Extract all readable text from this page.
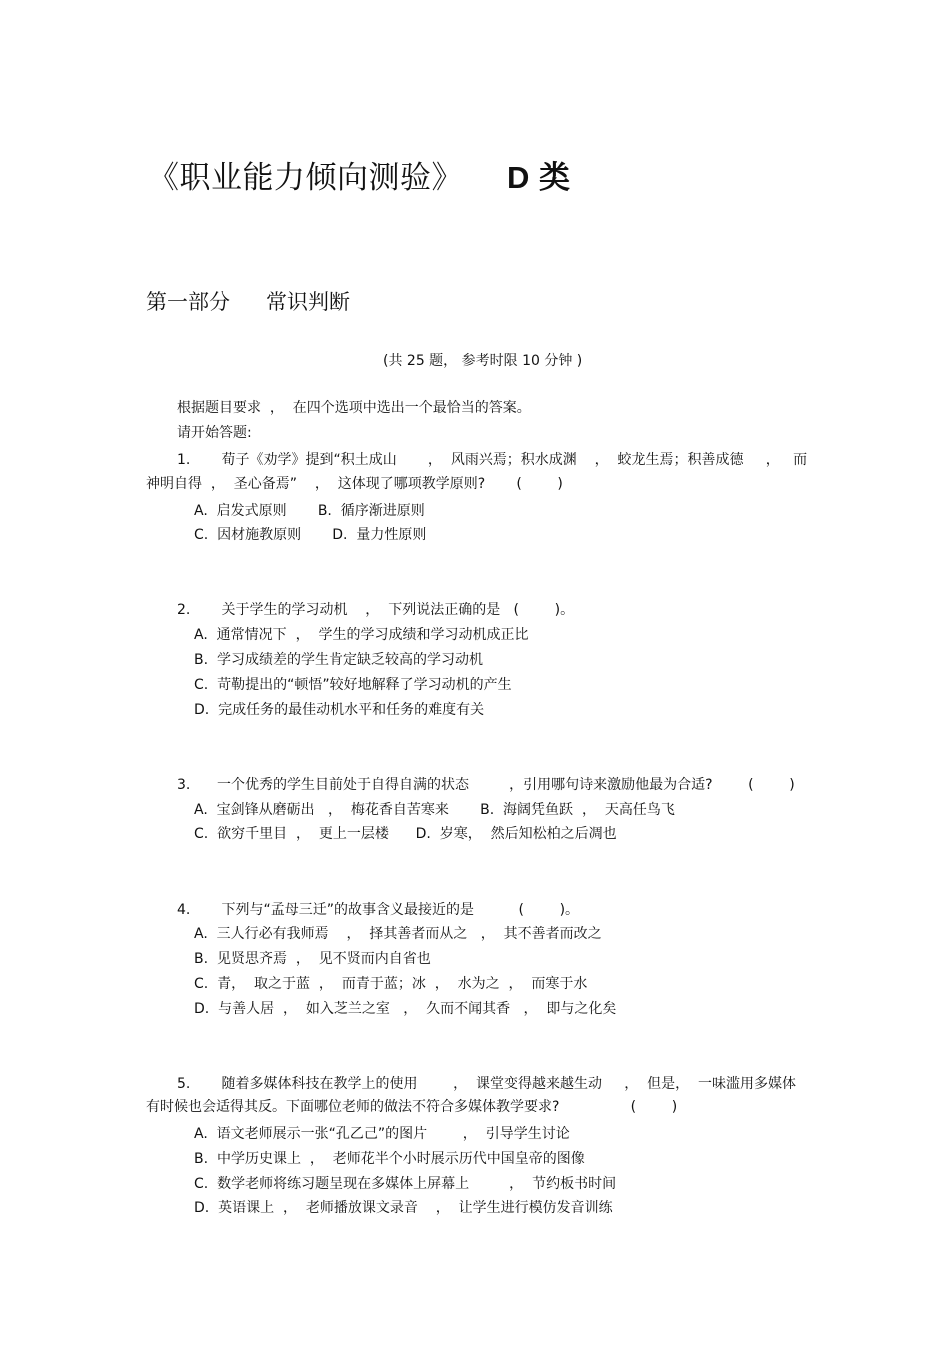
《职业能力倾向测验》 D 类
第一部分 常识判断
(共 25 题， 参考时限 10 分钟 )
根据题目要求  ，  在四个选项中选出一个最恰当的答案。
请开始答题:
1.       荀子《劝学》提到“积土成山       ，  风雨兴焉；积水成渊    ，  蛟龙生焉；积善成德     ，   而
神明自得  ，  圣心备焉”    ，  这体现了哪项教学原则?       (        )
A.  启发式原则       B.  循序渐进原则
C.  因材施教原则       D.  量力性原则
2.       关于学生的学习动机    ，  下列说法正确的是   (        )。
A.  通常情况下  ，  学生的学习成绩和学习动机成正比
B.  学习成绩差的学生肯定缺乏较高的学习动机
C.  苛勒提出的“顿悟”较好地解释了学习动机的产生
D.  完成任务的最佳动机水平和任务的难度有关
3.      一个优秀的学生目前处于自得自满的状态         ，引用哪句诗来激励他最为合适?        (        )
A.  宝剑锋从磨砺出   ，  梅花香自苦寒来       B.  海阔凭鱼跃  ，  天高任鸟飞
C.  欲穷千里目  ，  更上一层楼      D.  岁寒，  然后知松柏之后凋也
4.       下列与“孟母三迁”的故事含义最接近的是          (        )。
A.  三人行必有我师焉    ，  择其善者而从之   ，  其不善者而改之
B.  见贤思齐焉  ，  见不贤而内自省也
C.  青，  取之于蓝  ，  而青于蓝；冰  ，  水为之  ，  而寒于水
D.  与善人居  ，  如入芝兰之室   ，  久而不闻其香   ，  即与之化矣
5.       随着多媒体科技在教学上的使用        ，  课堂变得越来越生动     ，  但是，  一味滥用多媒体
有时候也会适得其反。下面哪位老师的做法不符合多媒体教学要求?                (        )
A.  语文老师展示一张“孔乙己”的图片        ，  引导学生讨论
B.  中学历史课上  ，  老师花半个小时展示历代中国皇帝的图像
C.  数学老师将练习题呈现在多媒体上屏幕上         ，  节约板书时间
D.  英语课上  ，  老师播放课文录音    ，  让学生进行模仿发音训练
